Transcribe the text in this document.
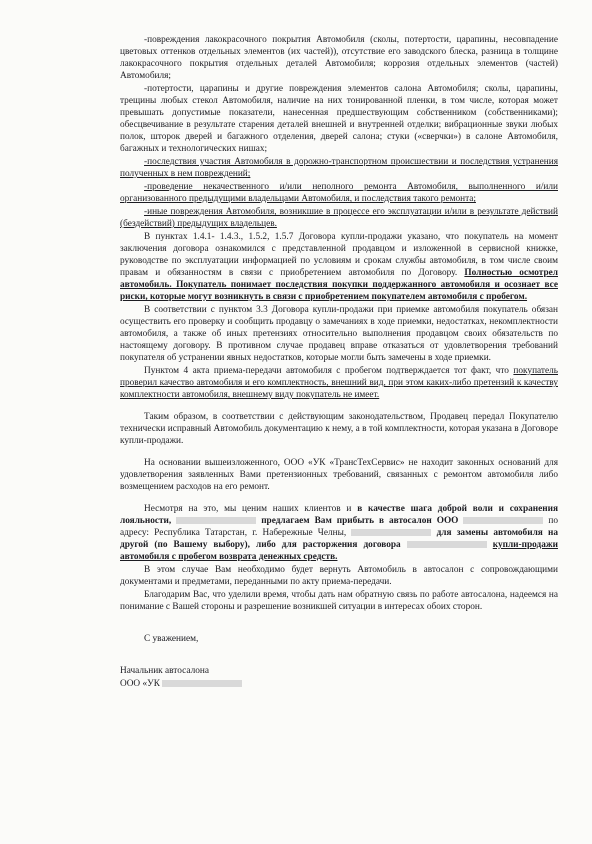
-повреждения лакокрасочного покрытия Автомобиля (сколы, потертости, царапины, несовпадение цветовых оттенков отдельных элементов (их частей)), отсутствие его заводского блеска, разница в толщине лакокрасочного покрытия отдельных деталей Автомобиля; коррозия отдельных элементов (частей) Автомобиля;

-потертости, царапины и другие повреждения элементов салона Автомобиля; сколы, царапины, трещины любых стекол Автомобиля, наличие на них тонированной пленки, в том числе, которая может превышать допустимые показатели, нанесенная предшествующим собственником (собственниками); обесцвечивание в результате старения деталей внешней и внутренней отделки; вибрационные звуки любых полок, шторок дверей и багажного отделения, дверей салона; стуки («сверчки») в салоне Автомобиля, багажных и технологических нишах;

-последствия участия Автомобиля в дорожно-транспортном происшествии и последствия устранения полученных в нем повреждений;

-проведение некачественного и/или неполного ремонта Автомобиля, выполненного и/или организованного предыдущими владельцами Автомобиля, и последствия такого ремонта;

-иные повреждения Автомобиля, возникшие в процессе его эксплуатации и/или в результате действий (бездействий) предыдущих владельцев.

В пунктах 1.4.1- 1.4.3., 1.5.2, 1.5.7 Договора купли-продажи указано, что покупатель на момент заключения договора ознакомился с представленной продавцом и изложенной в сервисной книжке, руководстве по эксплуатации информацией по условиям и срокам службы автомобиля, в том числе своим правам и обязанностям в связи с приобретением автомобиля по Договору. Полностью осмотрел автомобиль. Покупатель понимает последствия покупки поддержанного автомобиля и осознает все риски, которые могут возникнуть в связи с приобретением покупателем автомобиля с пробегом.

В соответствии с пунктом 3.3 Договора купли-продажи при приемке автомобиля покупатель обязан осуществить его проверку и сообщить продавцу о замечаниях в ходе приемки, недостатках, некомплектности автомобиля, а также об иных претензиях относительно выполнения продавцом своих обязательств по настоящему договору. В противном случае продавец вправе отказаться от удовлетворения требований покупателя об устранении явных недостатков, которые могли быть замечены в ходе приемки.

Пунктом 4 акта приема-передачи автомобиля с пробегом подтверждается тот факт, что покупатель проверил качество автомобиля и его комплектность, внешний вид, при этом каких-либо претензий к качеству комплектности автомобиля, внешнему виду покупатель не имеет.

Таким образом, в соответствии с действующим законодательством, Продавец передал Покупателю технически исправный Автомобиль документацию к нему, а в той комплектности, которая указана в Договоре купли-продажи.

На основании вышеизложенного, ООО «УК «ТрансТехСервис» не находит законных оснований для удовлетворения заявленных Вами претензионных требований, связанных с ремонтом автомобиля либо возмещением расходов на его ремонт.

Несмотря на это, мы ценим наших клиентов и в качестве шага доброй воли и сохранения лояльности,	предлагаем Вам прибыть в автосалон ООО	по адресу: Республика Татарстан, г. Набережные Челны,	для замены автомобиля на другой (по Вашему выбору), либо для расторжения договора	купли-продажи автомобиля с пробегом возврата денежных средств.

В этом случае Вам необходимо будет вернуть Автомобиль в автосалон с сопровождающими документами и предметами, переданными по акту приема-передачи.

Благодарим Вас, что уделили время, чтобы дать нам обратную связь по работе автосалона, надеемся на понимание с Вашей стороны и разрешение возникшей ситуации в интересах обоих сторон.

С уважением,

Начальник автосалона

ООО «УК
